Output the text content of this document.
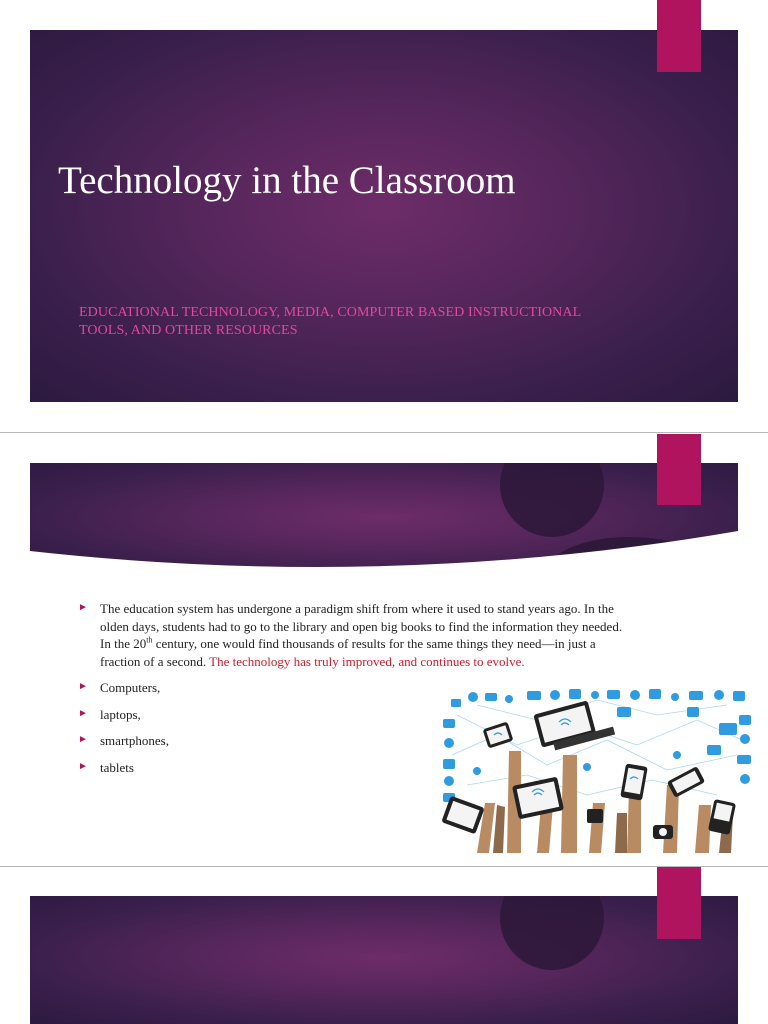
Technology in the Classroom

EDUCATIONAL TECHNOLOGY, MEDIA, COMPUTER BASED INSTRUCTIONAL TOOLS, AND OTHER RESOURCES

► The education system has undergone a paradigm shift from where it used to stand years ago. In the olden days, students had to go to the library and open big books to find the information they needed. In the 20th century, one would find thousands of results for the same things they need—in just a fraction of a second. The technology has truly improved, and continues to evolve.
► Computers,
► laptops,
► smartphones,
► tablets
